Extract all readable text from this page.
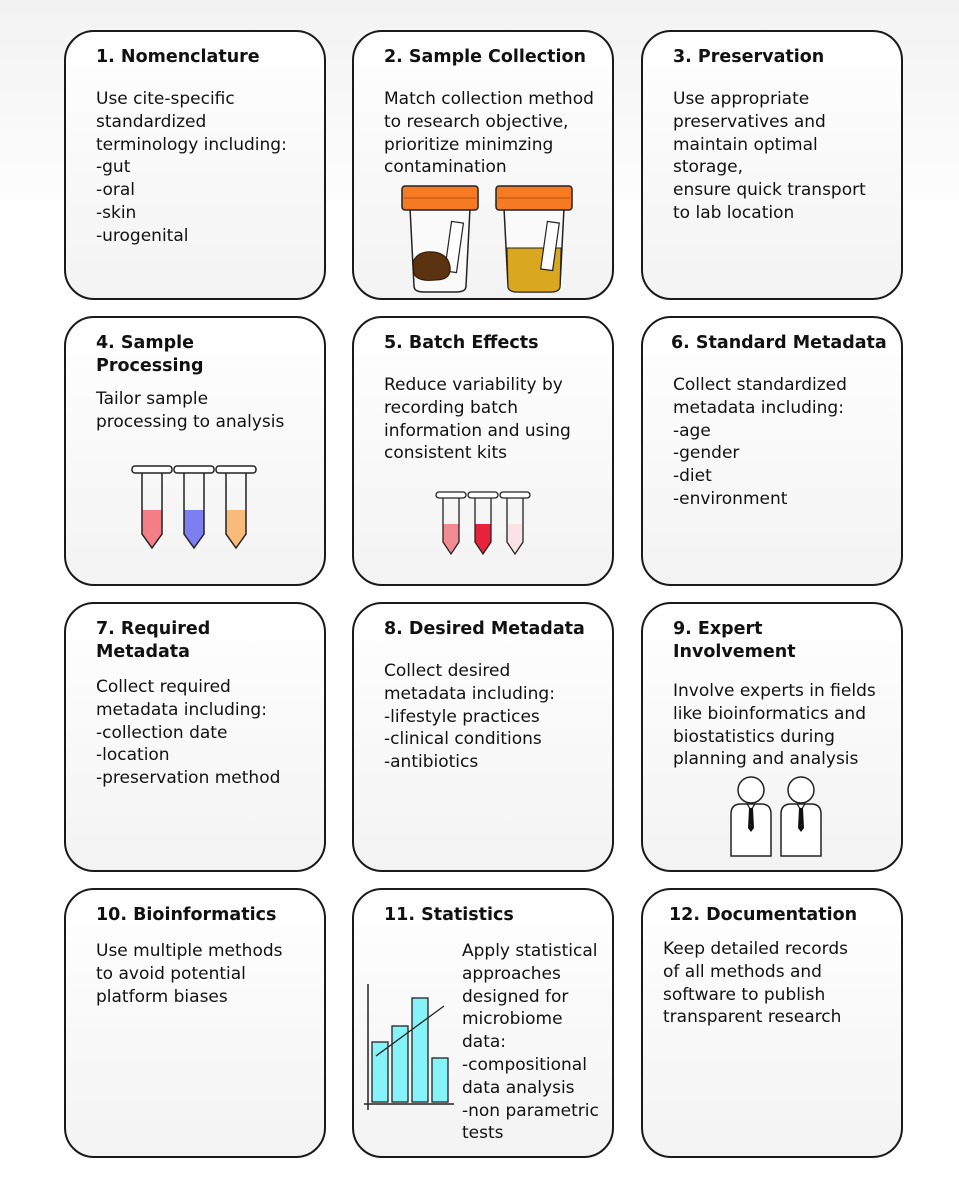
1. Nomenclature
Use cite-specific
standardized
terminology including:
-gut
-oral
-skin
-urogenital
2. Sample Collection
Match collection method
to research objective,
prioritize minimzing
contamination
3. Preservation
Use appropriate
preservatives and
maintain optimal storage,
ensure quick transport
to lab location
4. Sample
Processing
Tailor sample
processing to analysis
5. Batch Effects
Reduce variability by
recording batch
information and using
consistent kits
6. Standard Metadata
Collect standardized
metadata including:
-age
-gender
-diet
-environment
7. Required
Metadata
Collect required
metadata including:
-collection date
-location
-preservation method
8. Desired Metadata
Collect desired
metadata including:
-lifestyle practices
-clinical conditions
-antibiotics
9. Expert
Involvement
Involve experts in fields
like bioinformatics and
biostatistics during
planning and analysis
10. Bioinformatics
Use multiple methods
to avoid potential
platform biases
11. Statistics
Apply statistical
approaches
designed for
microbiome
data:
-compositional
data analysis
-non parametric
tests
12. Documentation
Keep detailed records
of all methods and
software to publish
transparent research
